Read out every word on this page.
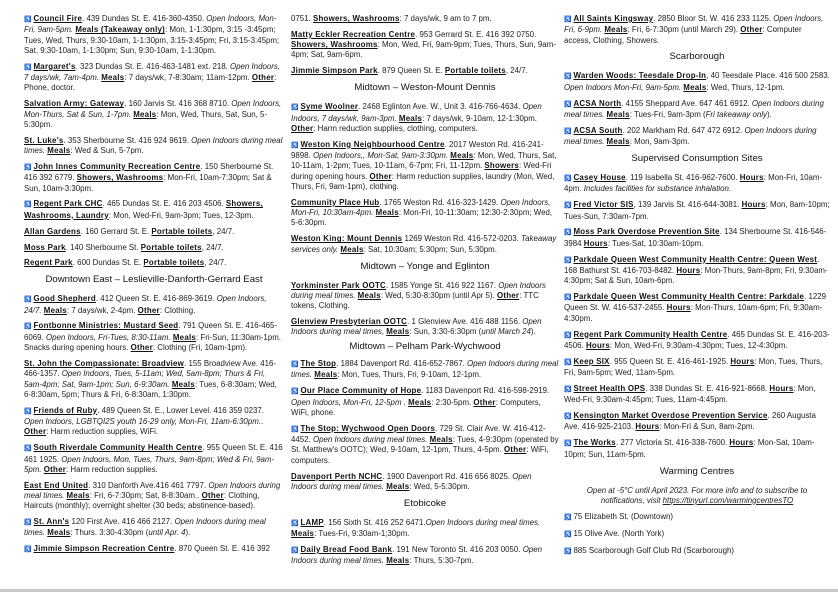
♿ Council Fire. 439 Dundas St. E. 416-360-4350. Open Indoors, Mon-Fri, 9am-5pm. Meals (Takeaway only): Mon, 1-1:30pm, 3:15 -3:45pm; Tues, Wed, Thurs, 9:30-10am, 1-1:30pm, 3:15-3:45pm; Fri, 3:15-3:45pm; Sat, 9:30-10am, 1-1:30pm; Sun, 9:30-10am, 1-1:30pm.
♿ Margaret's. 323 Dundas St. E. 416-463-1481 ext. 218. Open Indoors, 7 days/wk, 7am-4pm. Meals: 7 days/wk, 7-8:30am; 11am-12pm. Other: Phone, doctor.
Salvation Army: Gateway. 160 Jarvis St. 416 368 8710. Open Indoors, Mon-Thurs, Sat & Sun, 1-7pm. Meals: Mon, Wed, Thurs, Sat, Sun, 5-5:30pm.
St. Luke's. 353 Sherbourne St. 416 924 9619. Open Indoors during meal times. Meals: Wed & Sun, 5-7pm.
♿ John Innes Community Recreation Centre. 150 Sherbourne St. 416 392 6779. Showers, Washrooms: Mon-Fri, 10am-7:30pm; Sat & Sun, 10am-3:30pm.
♿ Regent Park CHC. 465 Dundas St. E. 416 203 4506. Showers, Washrooms, Laundry: Mon, Wed-Fri, 9am-3pm; Tues, 12-3pm.
Allan Gardens. 160 Gerrard St. E. Portable toilets, 24/7.
Moss Park. 140 Sherbourne St. Portable toilets, 24/7.
Regent Park. 600 Dundas St. E. Portable toilets, 24/7.
Downtown East – Leslieville-Danforth-Gerrard East
♿ Good Shepherd. 412 Queen St. E. 416-869-3619. Open Indoors, 24/7. Meals: 7 days/wk, 2-4pm. Other: Clothing.
♿ Fontbonne Ministries: Mustard Seed. 791 Queen St. E. 416-465-6069. Open Indoors, Fri-Tues, 8:30-11am. Meals: Fri-Sun, 11:30am-1pm. Snacks during opening hours. Other: Clothing (Fri, 10am-1pm).
St. John the Compassionate: Broadview. 155 Broadview Ave. 416-466-1357. Open Indoors, Tues, 5-11am; Wed, 5am-8pm; Thurs & Fri, 5am-4pm; Sat, 9am-1pm; Sun, 6-9:30am. Meals: Tues, 6-8:30am; Wed, 6-8:30am, 5pm; Thurs & Fri, 6-8:30am, 1:30pm.
♿ Friends of Ruby. 489 Queen St. E., Lower Level. 416 359 0237. Open Indoors, LGBTQI2S youth 16-29 only, Mon-Fri, 11am-6:30pm.. Other: Harm reduction supplies, WiFi.
♿ South Riverdale Community Health Centre. 955 Queen St. E. 416 461 1925. Open Indoors, Mon, Tues, Thurs, 9am-8pm; Wed & Fri, 9am-5pm. Other: Harm reduction supplies.
East End United. 310 Danforth Ave.416 461 7797. Open Indoors during meal times. Meals: Fri, 6-7:30pm; Sat, 8-8:30am.. Other: Clothing, Haircuts (monthly); overnight shelter (30 beds; abstinence-based).
♿ St. Ann's 120 First Ave. 416 466 2127. Open Indoors during meal times. Meals: Thurs. 3:30-4:30pm (until Apr. 4).
♿ Jimmie Simpson Recreation Centre. 870 Queen St. E. 416 392
0751. Showers, Washrooms: 7 days/wk, 9 am to 7 pm.
Matty Eckler Recreation Centre. 953 Gerrard St. E. 416 392 0750. Showers, Washrooms: Mon, Wed, Fri, 9am-9pm; Tues, Thurs, Sun, 9am-4pm; Sat, 9am-6pm.
Jimmie Simpson Park. 879 Queen St. E. Portable toilets, 24/7.
Midtown – Weston-Mount Dennis
♿ Syme Woolner. 2468 Eglinton Ave. W., Unit 3. 416-766-4634. Open Indoors, 7 days/wk, 9am-3pm. Meals: 7 days/wk, 9-10am, 12-1:30pm. Other: Harm reduction supplies, clothing, computers.
♿ Weston King Neighbourhood Centre. 2017 Weston Rd. 416-241-9898. Open Indoors,, Mon-Sat, 9am-3:30pm. Meals: Mon, Wed, Thurs, Sat, 10-11am, 1-2pm; Tues, 10-11am, 6-7pm; Fri, 11-12pm. Showers: Wed-Fri during opening hours. Other: Harm reduction supplies, laundry (Mon, Wed, Thurs, Fri, 9am-1pm), clothing.
Community Place Hub. 1765 Weston Rd. 416-323-1429. Open Indoors, Mon-Fri, 10:30am-4pm. Meals: Mon-Fri, 10-11:30am; 12:30-2:30pm; Wed, 5-6:30pm.
Weston King: Mount Dennis 1269 Weston Rd. 416-572-0203. Takeaway services only. Meals: Sat, 10:30am; 5:30pm; Sun, 5:30pm.
Midtown – Yonge and Eglinton
Yorkminster Park OOTC. 1585 Yonge St. 416 922 1167. Open Indoors during meal times. Meals: Wed, 5:30-8:30pm (until Apr 5). Other: TTC tokens, Clothing.
Glenview Presbyterian OOTC. 1 Glenview Ave. 416 488 1156. Open Indoors during meal times, Meals: Sun, 3:30-6:30pm (until March 24).
Midtown – Pelham Park-Wychwood
♿ The Stop. 1884 Davenport Rd. 416-652-7867. Open Indoors during meal times. Meals: Mon, Tues, Thurs, Fri, 9-10am, 12-1pm.
♿ Our Place Community of Hope. 1183 Davenport Rd. 416-598-2919. Open Indoors, Mon-Fri, 12-5pm . Meals: 2:30-5pm. Other: Computers, WiFi, phone.
♿ The Stop: Wychwood Open Doors. 729 St. Clair Ave. W. 416-412-4452. Open Indoors during meal times. Meals: Tues, 4-9:30pm (operated by St. Matthew's OOTC); Wed, 9-10am, 12-1pm, Thurs, 4-5pm. Other: WiFi, computers.
Davenport Perth NCHC. 1900 Davenport Rd. 416 656 8025. Open Indoors during meal times. Meals: Wed, 5-5:30pm.
Etobicoke
♿ LAMP. 156 Sixth St. 416 252 6471.Open Indoors during meal times. Meals: Tues-Fri, 9:30am-1;30pm.
♿ Daily Bread Food Bank. 191 New Toronto St. 416 203 0050. Open Indoors during meal times. Meals: Thurs, 5:30-7pm.
♿ All Saints Kingsway. 2850 Bloor St. W. 416 233 1125. Open Indoors, Fri, 6-9pm. Meals: Fri, 6-7:30pm (until March 29). Other: Computer access, Clothing, Showers.
Scarborough
♿ Warden Woods: Teesdale Drop-In, 40 Teesdale Place. 416 500 2583. Open Indoors Mon-Fri, 9am-5pm. Meals: Wed, Thurs, 12-1pm.
♿ ACSA North. 4155 Sheppard Ave. 647 461 6912. Open Indoors during meal times. Meals: Tues-Fri, 9am-3pm (Fri takeaway only).
♿ ACSA South. 202 Markham Rd. 647 472 6912. Open Indoors during meal times. Meals: Mon, 9am-3pm.
Supervised Consumption Sites
♿ Casey House. 119 Isabella St. 416-962-7600. Hours: Mon-Fri, 10am-4pm. Includes facilities for substance inhalation.
♿ Fred Victor SIS, 139 Jarvis St. 416-644-3081. Hours: Mon, 8am-10pm; Tues-Sun, 7:30am-7pm.
♿ Moss Park Overdose Prevention Site. 134 Sherbourne St. 416-546-3984 Hours: Tues-Sat, 10:30am-10pm.
♿ Parkdale Queen West Community Health Centre: Queen West. 168 Bathurst St. 416-703-8482. Hours: Mon-Thurs, 9am-8pm; Fri, 9:30am-4:30pm; Sat & Sun, 10am-6pm.
♿ Parkdale Queen West Community Health Centre: Parkdale. 1229 Queen St. W. 416-537-2455. Hours: Mon-Thurs, 10am-6pm; Fri, 9:30am-4:30pm.
♿ Regent Park Community Health Centre. 465 Dundas St. E. 416-203-4506. Hours: Mon, Wed-Fri, 9:30am-4:30pm; Tues, 12-4:30pm.
♿ Keep SIX. 955 Queen St. E. 416-461-1925. Hours: Mon, Tues, Thurs, Fri, 9am-5pm; Wed, 11am-5pm.
♿ Street Health OPS. 338 Dundas St. E. 416-921-8668. Hours: Mon, Wed-Fri, 9:30am-4:45pm; Tues, 11am-4:45pm.
♿ Kensington Market Overdose Prevention Service. 260 Augusta Ave. 416-925-2103. Hours: Mon-Fri & Sun, 8am-2pm.
♿ The Works. 277 Victoria St. 416-338-7600. Hours: Mon-Sat, 10am-10pm; Sun, 11am-5pm.
Warming Centres
Open at -5°C until April 2023. For more info and to subscribe to notifications, visit https://tinyurl.com/warmingcentresTO
♿ 75 Elizabeth St. (Downtown)
♿ 15 Olive Ave. (North York)
♿ 885 Scarborough Golf Club Rd (Scarborough)
